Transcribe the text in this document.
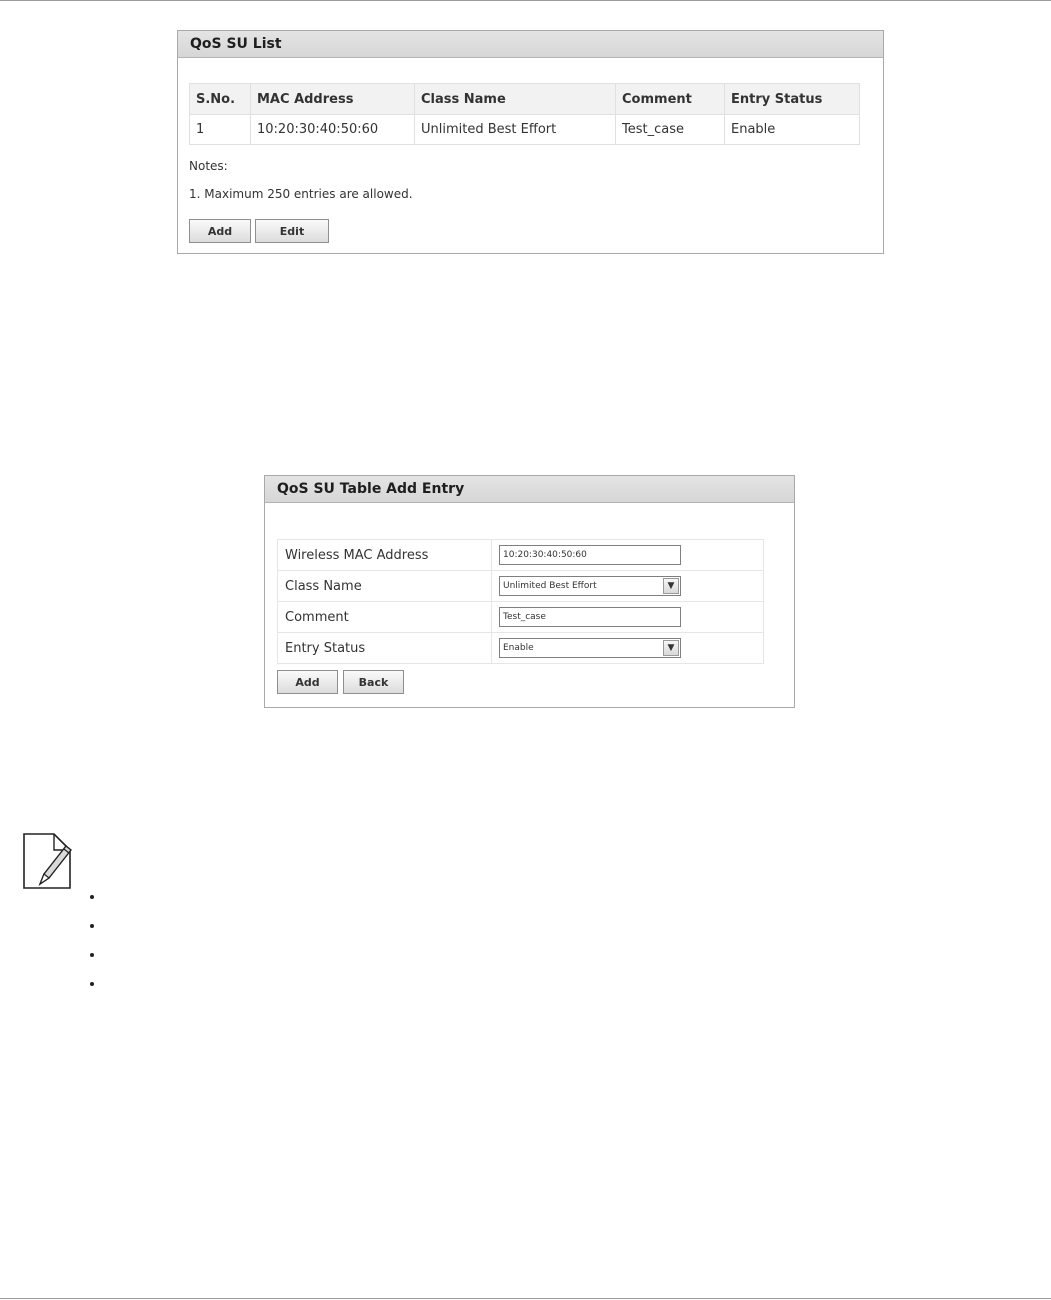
QoS SU List
S.No.	MAC Address	Class Name	Comment	Entry Status
1	10:20:30:40:50:60	Unlimited Best Effort	Test_case	Enable
Notes:
1. Maximum 250 entries are allowed.
Add	Edit
QoS SU Table Add Entry
Wireless MAC Address	10:20:30:40:50:60

Class Name	Unlimited Best Effort ▼

Comment	Test_case

Entry Status	Enable ▼
Add	Back
